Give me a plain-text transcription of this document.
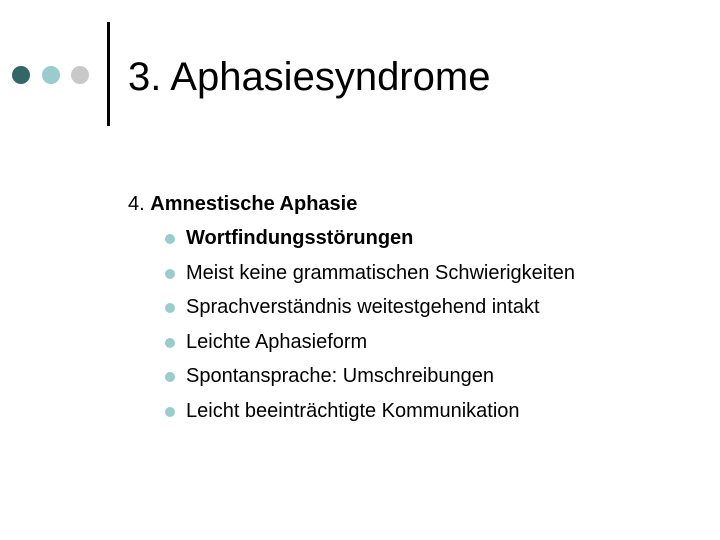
3. Aphasiesyndrome
4. Amnestische Aphasie
Wortfindungsstörungen
Meist keine grammatischen Schwierigkeiten
Sprachverständnis weitestgehend intakt
Leichte Aphasieform
Spontansprache: Umschreibungen
Leicht beeinträchtigte Kommunikation
